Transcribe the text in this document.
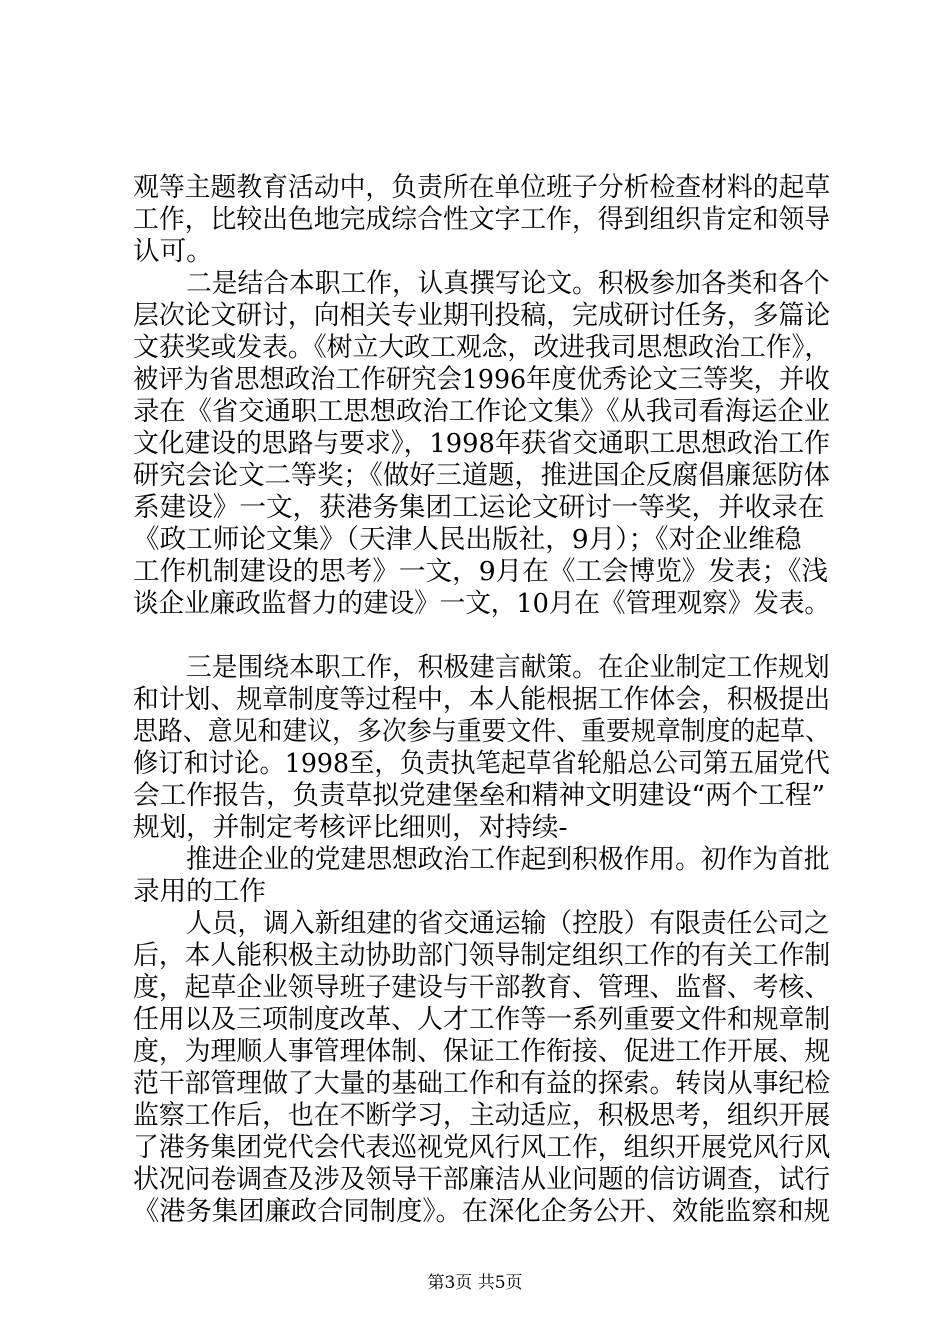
观等主题教育活动中，负责所在单位班子分析检查材料的起草
工作，比较出色地完成综合性文字工作，得到组织肯定和领导
认可。
二是结合本职工作，认真撰写论文。积极参加各类和各个
层次论文研讨，向相关专业期刊投稿，完成研讨任务，多篇论
文获奖或发表。《树立大政工观念，改进我司思想政治工作》，
被评为省思想政治工作研究会1996年度优秀论文三等奖，并收
录在《省交通职工思想政治工作论文集》《从我司看海运企业
文化建设的思路与要求》，1998年获省交通职工思想政治工作
研究会论文二等奖；《做好三道题，推进国企反腐倡廉惩防体
系建设》一文，获港务集团工运论文研讨一等奖，并收录在
《政工师论文集》（天津人民出版社，9月）；《对企业维稳
工作机制建设的思考》一文，9月在《工会博览》发表；《浅
谈企业廉政监督力的建设》一文，10月在《管理观察》发表。
三是围绕本职工作，积极建言献策。在企业制定工作规划
和计划、规章制度等过程中，本人能根据工作体会，积极提出
思路、意见和建议，多次参与重要文件、重要规章制度的起草、
修订和讨论。1998至，负责执笔起草省轮船总公司第五届党代
会工作报告，负责草拟党建堡垒和精神文明建设“两个工程”
规划，并制定考核评比细则，对持续-
推进企业的党建思想政治工作起到积极作用。初作为首批
录用的工作
人员，调入新组建的省交通运输（控股）有限责任公司之
后，本人能积极主动协助部门领导制定组织工作的有关工作制
度，起草企业领导班子建设与干部教育、管理、监督、考核、
任用以及三项制度改革、人才工作等一系列重要文件和规章制
度，为理顺人事管理体制、保证工作衔接、促进工作开展、规
范干部管理做了大量的基础工作和有益的探索。转岗从事纪检
监察工作后，也在不断学习，主动适应，积极思考，组织开展
了港务集团党代会代表巡视党风行风工作，组织开展党风行风
状况问卷调查及涉及领导干部廉洁从业问题的信访调查，试行
《港务集团廉政合同制度》。在深化企务公开、效能监察和规
第3页 共5页
